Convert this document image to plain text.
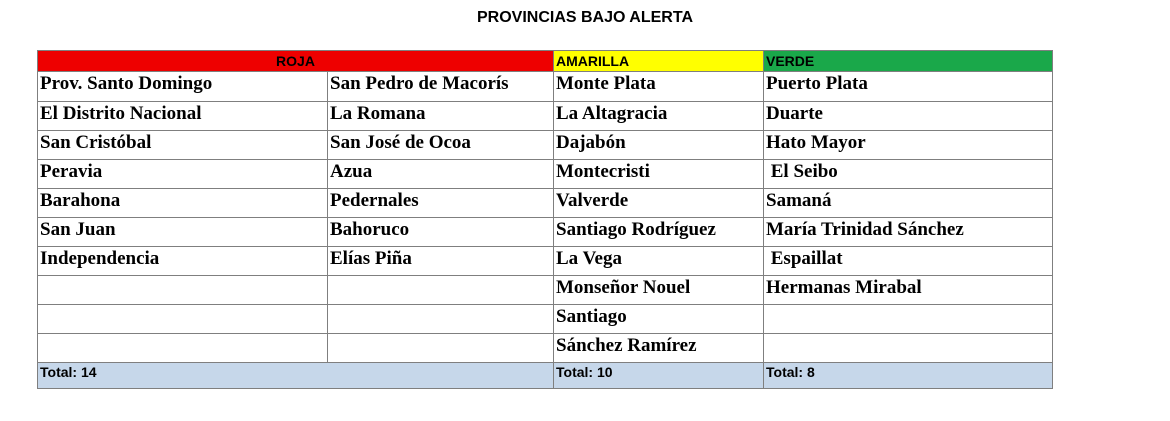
PROVINCIAS BAJO ALERTA
ROJA		AMARILLA	VERDE
Prov. Santo Domingo	San Pedro de Macorís	Monte Plata	Puerto Plata
El Distrito Nacional	La Romana	La Altagracia	Duarte
San Cristóbal	San José de Ocoa	Dajabón	Hato Mayor
Peravia	Azua	Montecristi	El Seibo
Barahona	Pedernales	Valverde	Samaná
San Juan	Bahoruco	Santiago Rodríguez	María Trinidad Sánchez
Independencia	Elías Piña	La Vega	Espaillat
		Monseñor Nouel	Hermanas Mirabal
		Santiago	
		Sánchez Ramírez	
Total: 14		Total: 10	Total: 8
